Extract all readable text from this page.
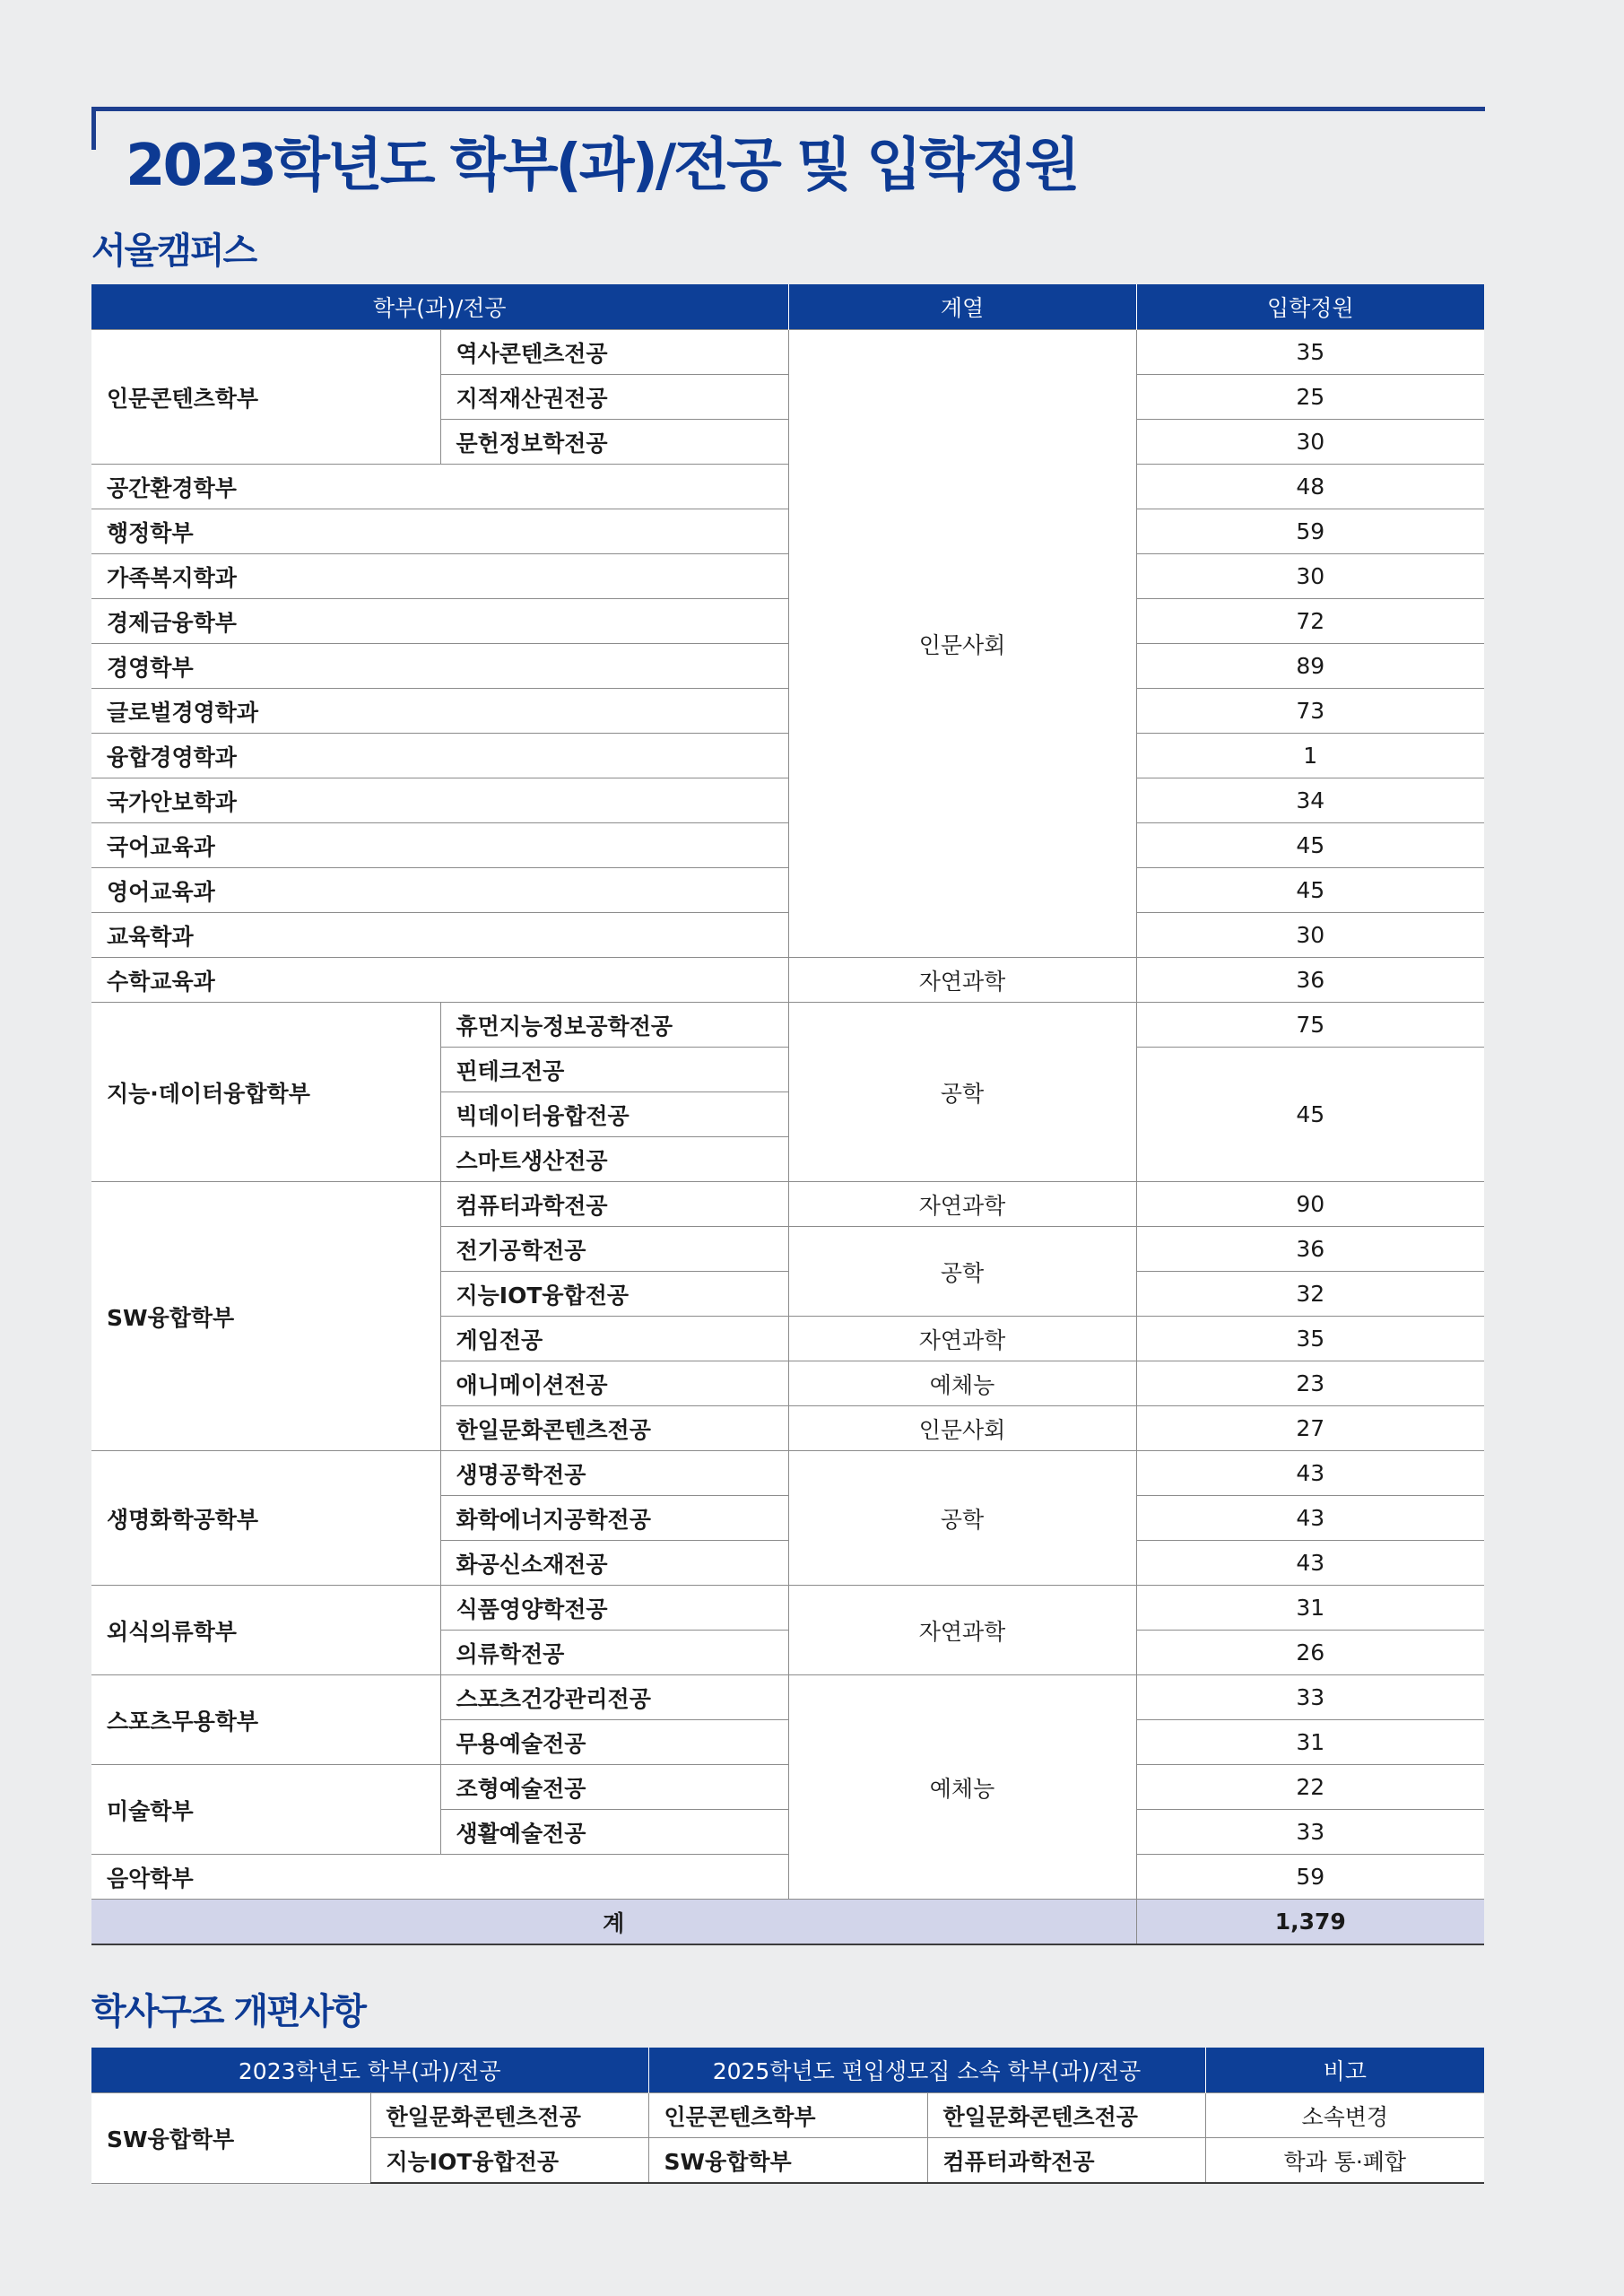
2023학년도 학부(과)/전공 및 입학정원
서울캠퍼스
학부(과)/전공		계열	입학정원
인문콘텐츠학부	역사콘텐츠전공	인문사회	35
	지적재산권전공		25
	문헌정보학전공		30
공간환경학부			48
행정학부			59
가족복지학과			30
경제금융학부			72
경영학부			89
글로벌경영학과			73
융합경영학과			1
국가안보학과			34
국어교육과			45
영어교육과			45
교육학과			30
수학교육과		자연과학	36
지능·데이터융합학부	휴먼지능정보공학전공	공학	75
	핀테크전공		45
	빅데이터융합전공		
	스마트생산전공		
SW융합학부	컴퓨터과학전공	자연과학	90
	전기공학전공	공학	36
	지능IOT융합전공		32
	게임전공	자연과학	35
	애니메이션전공	예체능	23
	한일문화콘텐츠전공	인문사회	27
생명화학공학부	생명공학전공	공학	43
	화학에너지공학전공		43
	화공신소재전공		43
외식의류학부	식품영양학전공	자연과학	31
	의류학전공		26
스포츠무용학부	스포츠건강관리전공	예체능	33
	무용예술전공		31
미술학부	조형예술전공		22
	생활예술전공		33
음악학부			59
계			1,379
학사구조 개편사항
2023학년도 학부(과)/전공		2025학년도 편입생모집 소속 학부(과)/전공		비고
SW융합학부	한일문화콘텐츠전공	인문콘텐츠학부	한일문화콘텐츠전공	소속변경
	지능IOT융합전공	SW융합학부	컴퓨터과학전공	학과 통·폐합
